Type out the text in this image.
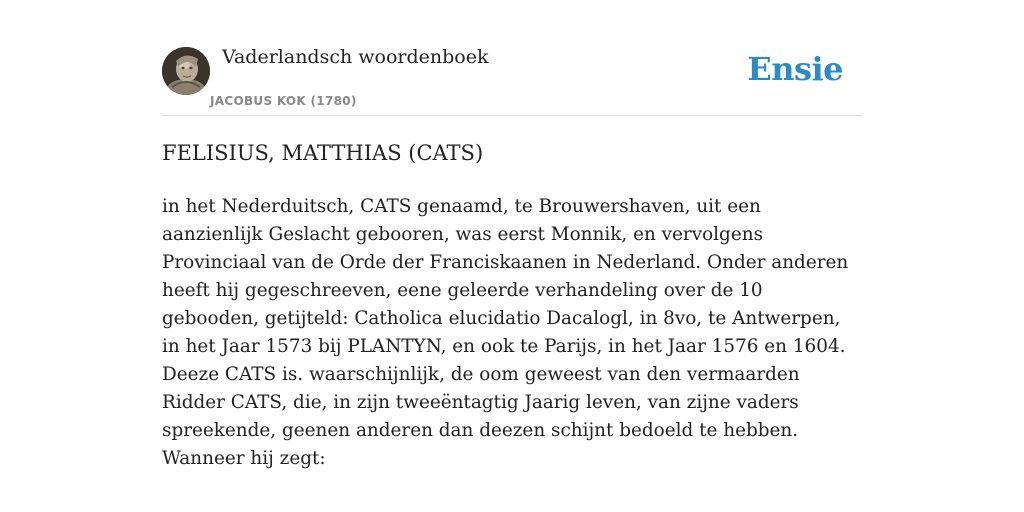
Vaderlandsch woordenboek
JACOBUS KOK (1780)
Ensie
FELISIUS, MATTHIAS (CATS)

in het Nederduitsch, CATS genaamd, te Brouwershaven, uit een aanzienlijk Geslacht gebooren, was eerst Monnik, en vervolgens Provinciaal van de Orde der Franciskaanen in Nederland. Onder anderen heeft hij gegeschreeven, eene geleerde verhandeling over de 10 gebooden, getijteld: Catholica elucidatio Dacalogl, in 8vo, te Antwerpen, in het Jaar 1573 bij PLANTYN, en ook te Parijs, in het Jaar 1576 en 1604. Deeze CATS is. waarschijnlijk, de oom geweest van den vermaarden Ridder CATS, die, in zijn tweeëntagtig Jaarig leven, van zijne vaders spreekende, geenen anderen dan deezen schijnt bedoeld te hebben. Wanneer hij zegt:
